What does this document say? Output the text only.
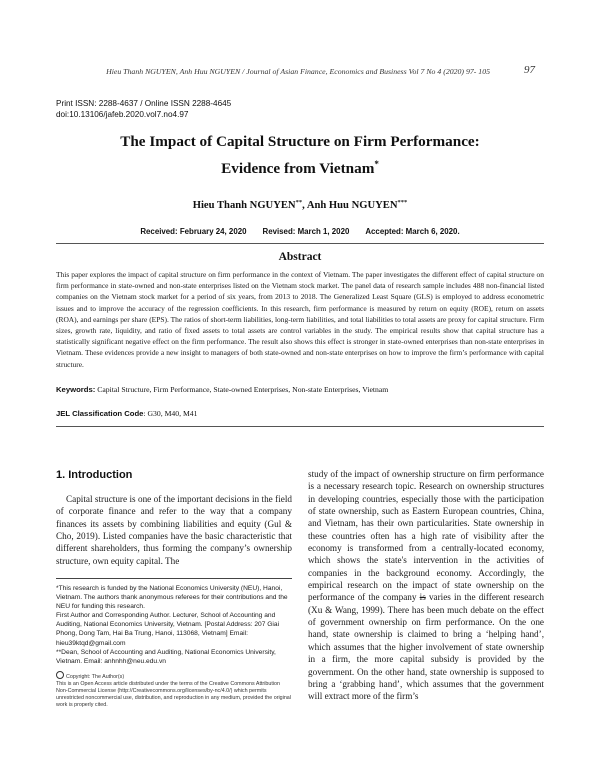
Hieu Thanh NGUYEN, Anh Huu NGUYEN / Journal of Asian Finance, Economics and Business Vol 7 No 4 (2020) 97- 105	97
Print ISSN: 2288-4637 / Online ISSN 2288-4645
doi:10.13106/jafeb.2020.vol7.no4.97
The Impact of Capital Structure on Firm Performance:
Evidence from Vietnam*
Hieu Thanh NGUYEN**, Anh Huu NGUYEN***
Received: February 24, 2020 Revised: March 1, 2020 Accepted: March 6, 2020.
Abstract
This paper explores the impact of capital structure on firm performance in the context of Vietnam. The paper investigates the different effect of capital structure on firm performance in state-owned and non-state enterprises listed on the Vietnam stock market. The panel data of research sample includes 488 non-financial listed companies on the Vietnam stock market for a period of six years, from 2013 to 2018. The Generalized Least Square (GLS) is employed to address econometric issues and to improve the accuracy of the regression coefficients. In this research, firm performance is measured by return on equity (ROE), return on assets (ROA), and earnings per share (EPS). The ratios of short-term liabilities, long-term liabilities, and total liabilities to total assets are proxy for capital structure. Firm sizes, growth rate, liquidity, and ratio of fixed assets to total assets are control variables in the study. The empirical results show that capital structure has a statistically significant negative effect on the firm performance. The result also shows this effect is stronger in state-owned enterprises than non-state enterprises in Vietnam. These evidences provide a new insight to managers of both state-owned and non-state enterprises on how to improve the firm’s performance with capital structure.
Keywords: Capital Structure, Firm Performance, State-owned Enterprises, Non-state Enterprises, Vietnam
JEL Classification Code: G30, M40, M41
1. Introduction
Capital structure is one of the important decisions in the field of corporate finance and refer to the way that a company finances its assets by combining liabilities and equity (Gul & Cho, 2019). Listed companies have the basic characteristic that different shareholders, thus forming the company’s ownership structure, own equity capital. The
study of the impact of ownership structure on firm performance is a necessary research topic. Research on ownership structures in developing countries, especially those with the participation of state ownership, such as Eastern European countries, China, and Vietnam, has their own particularities. State ownership in these countries often has a high rate of visibility after the economy is transformed from a centrally-located economy, which shows the state's intervention in the activities of companies in the background economy. Accordingly, the empirical research on the impact of state ownership on the performance of the company is varies in the different research (Xu & Wang, 1999). There has been much debate on the effect of government ownership on firm performance. On the one hand, state ownership is claimed to bring a ‘helping hand’, which assumes that the higher involvement of state ownership in a firm, the more capital subsidy is provided by the government. On the other hand, state ownership is supposed to bring a ‘grabbing hand’, which assumes that the government will extract more of the firm’s

*This research is funded by the National Economics University (NEU), Hanoi, Vietnam. The authors thank anonymous referees for their contributions and the NEU for funding this research.

First Author and Corresponding Author. Lecturer, School of Accounting and Auditing, National Economics University, Vietnam. [Postal Address: 207 Giai Phong, Dong Tam, Hai Ba Trung, Hanoi, 113068, Vietnam] Email: hieu39ktqd@gmail.com

**Dean, School of Accounting and Auditing, National Economics University, Vietnam. Email: anhnhh@neu.edu.vn

Copyright: The Author(s)

This is an Open Access article distributed under the terms of the Creative Commons Attribution Non-Commercial License (http://Creativecommons.org/licenses/by-nc/4.0/) which permits unrestricted noncommercial use, distribution, and reproduction in any medium, provided the original work is properly cited.
